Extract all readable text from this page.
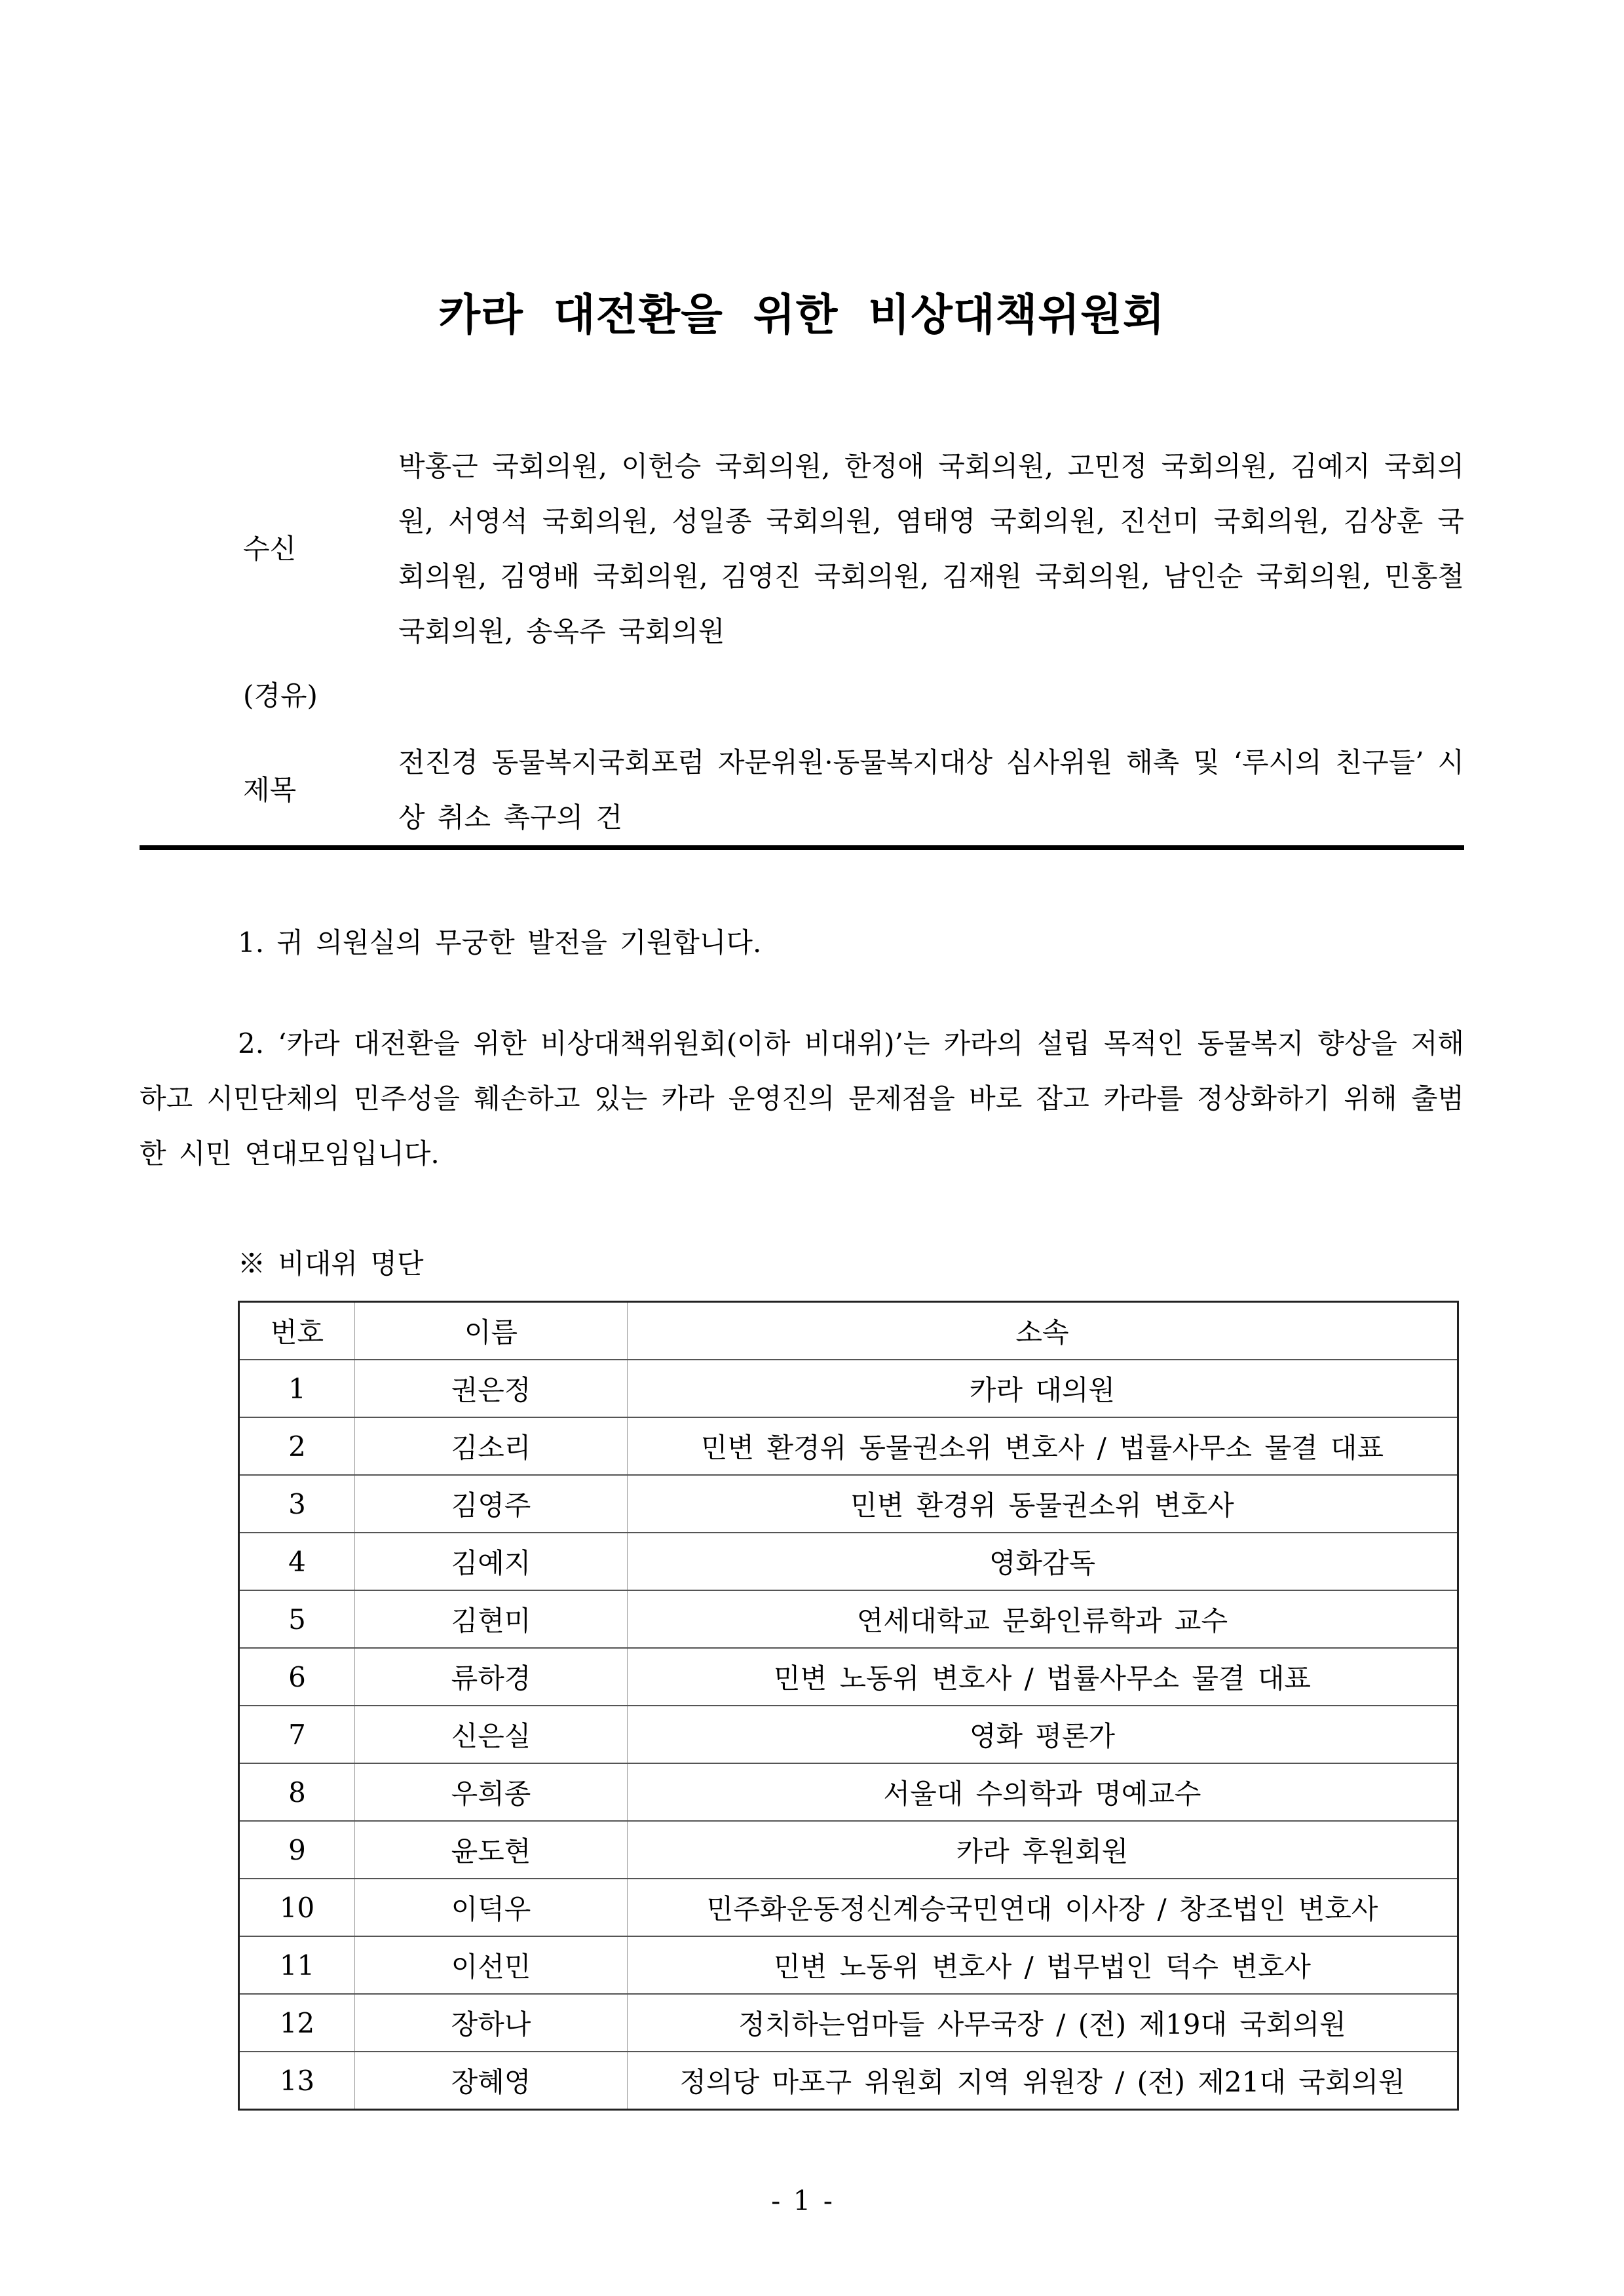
카라 대전환을 위한 비상대책위원회
수신
박홍근 국회의원, 이헌승 국회의원, 한정애 국회의원, 고민정 국회의원, 김예지 국회의원, 서영석 국회의원, 성일종 국회의원, 염태영 국회의원, 진선미 국회의원, 김상훈 국회의원, 김영배 국회의원, 김영진 국회의원, 김재원 국회의원, 남인순 국회의원, 민홍철 국회의원, 송옥주 국회의원
(경유)
제목
전진경 동물복지국회포럼 자문위원·동물복지대상 심사위원 해촉 및 ‘루시의 친구들’ 시상 취소 촉구의 건

1. 귀 의원실의 무궁한 발전을 기원합니다.

2. ‘카라 대전환을 위한 비상대책위원회(이하 비대위)’는 카라의 설립 목적인 동물복지 향상을 저해하고 시민단체의 민주성을 훼손하고 있는 카라 운영진의 문제점을 바로 잡고 카라를 정상화하기 위해 출범한 시민 연대모임입니다.

※ 비대위 명단
번호	이름	소속
1	권은정	카라 대의원
2	김소리	민변 환경위 동물권소위 변호사 / 법률사무소 물결 대표
3	김영주	민변 환경위 동물권소위 변호사
4	김예지	영화감독
5	김현미	연세대학교 문화인류학과 교수
6	류하경	민변 노동위 변호사 / 법률사무소 물결 대표
7	신은실	영화 평론가
8	우희종	서울대 수의학과 명예교수
9	윤도현	카라 후원회원
10	이덕우	민주화운동정신계승국민연대 이사장 / 창조법인 변호사
11	이선민	민변 노동위 변호사 / 법무법인 덕수 변호사
12	장하나	정치하는엄마들 사무국장 / (전) 제19대 국회의원
13	장혜영	정의당 마포구 위원회 지역 위원장 / (전) 제21대 국회의원
- 1 -
